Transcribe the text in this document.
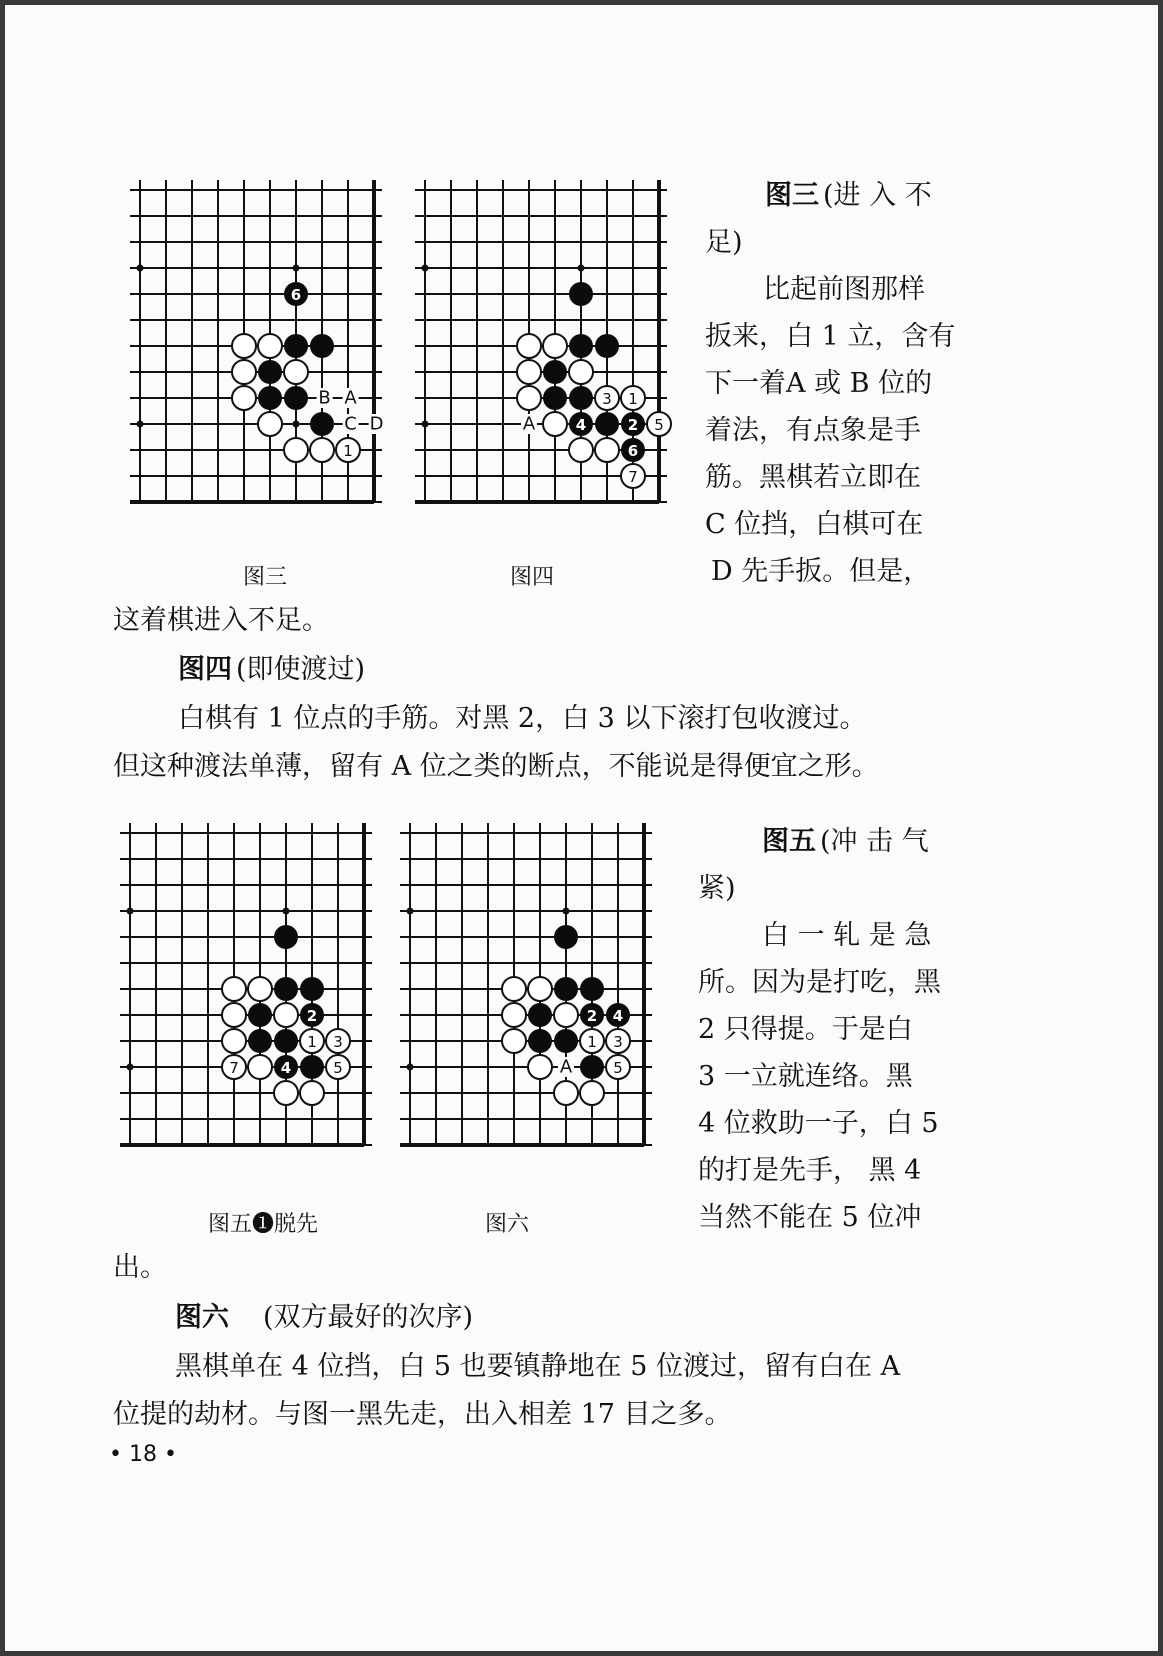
B A
C D
6
1
A
3 1
4	2 5
6
7
2
1 3
7	4	5	A
2 4
1 3
5
图三	图四
图五❶脱先	图六
图三 (进 入 不
足)
比起前图那样
扳来，白 1 立，含有
下一着A 或 B 位的
着法，有点象是手
筋。黑棋若立即在
C 位挡，白棋可在
D 先手扳。但是，
这着棋进入不足。
图四 (即使渡过)
白棋有 1 位点的手筋。对黑 2，白 3 以下滚打包收渡过。
但这种渡法单薄，留有 A 位之类的断点，不能说是得便宜之形。
图五 (冲 击 气
紧)
白 一 轧 是 急
所。因为是打吃，黑
2 只得提。于是白
3 一立就连络。黑
4 位救助一子，白 5
的打是先手， 黑 4
当然不能在 5 位冲
出。
图六 (双方最好的次序)
黑棋单在 4 位挡，白 5 也要镇静地在 5 位渡过，留有白在 A
位提的劫材。与图一黑先走，出入相差 17 目之多。
• 18 •
